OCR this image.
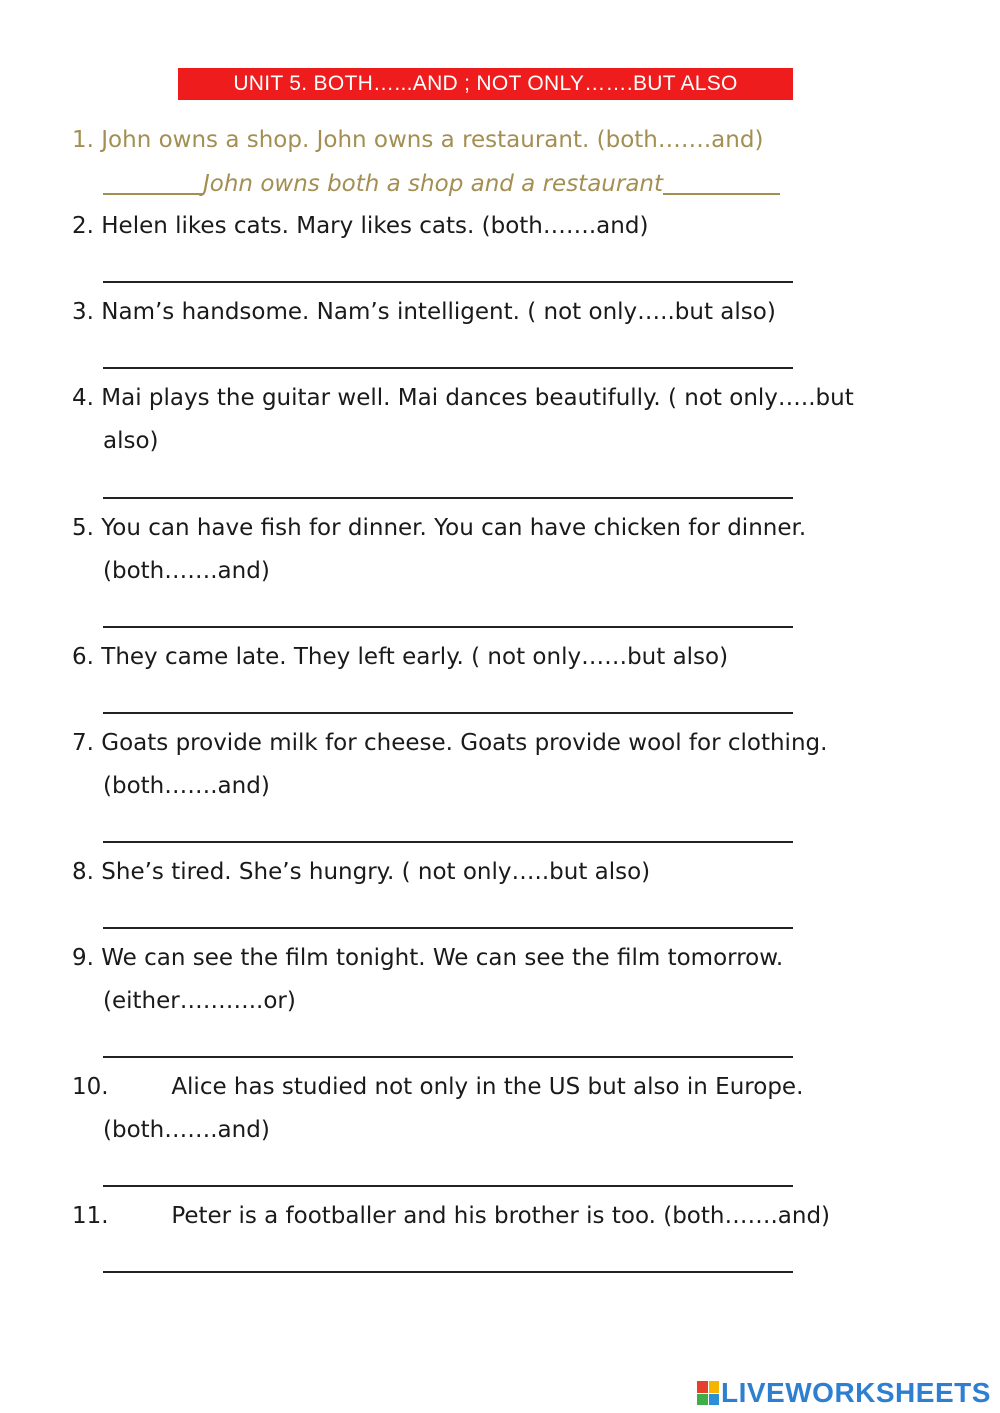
UNIT 5. BOTH…...AND ; NOT ONLY…….BUT ALSO
1. John owns a shop. John owns a restaurant. (both…….and)
John owns both a shop and a restaurant
2. Helen likes cats. Mary likes cats. (both…….and)
3. Nam’s handsome. Nam’s intelligent. ( not only…..but also)
4. Mai plays the guitar well. Mai dances beautifully. ( not only…..but
also)
5. You can have fish for dinner. You can have chicken for dinner.
(both…….and)
6. They came late. They left early. ( not only……but also)
7. Goats provide milk for cheese. Goats provide wool for clothing.
(both…….and)
8. She’s tired. She’s hungry. ( not only…..but also)
9. We can see the film tonight. We can see the film tomorrow.
(either………..or)
10.	Alice has studied not only in the US but also in Europe.
(both…….and)
11.	Peter is a footballer and his brother is too. (both…….and)
LIVEWORKSHEETS
